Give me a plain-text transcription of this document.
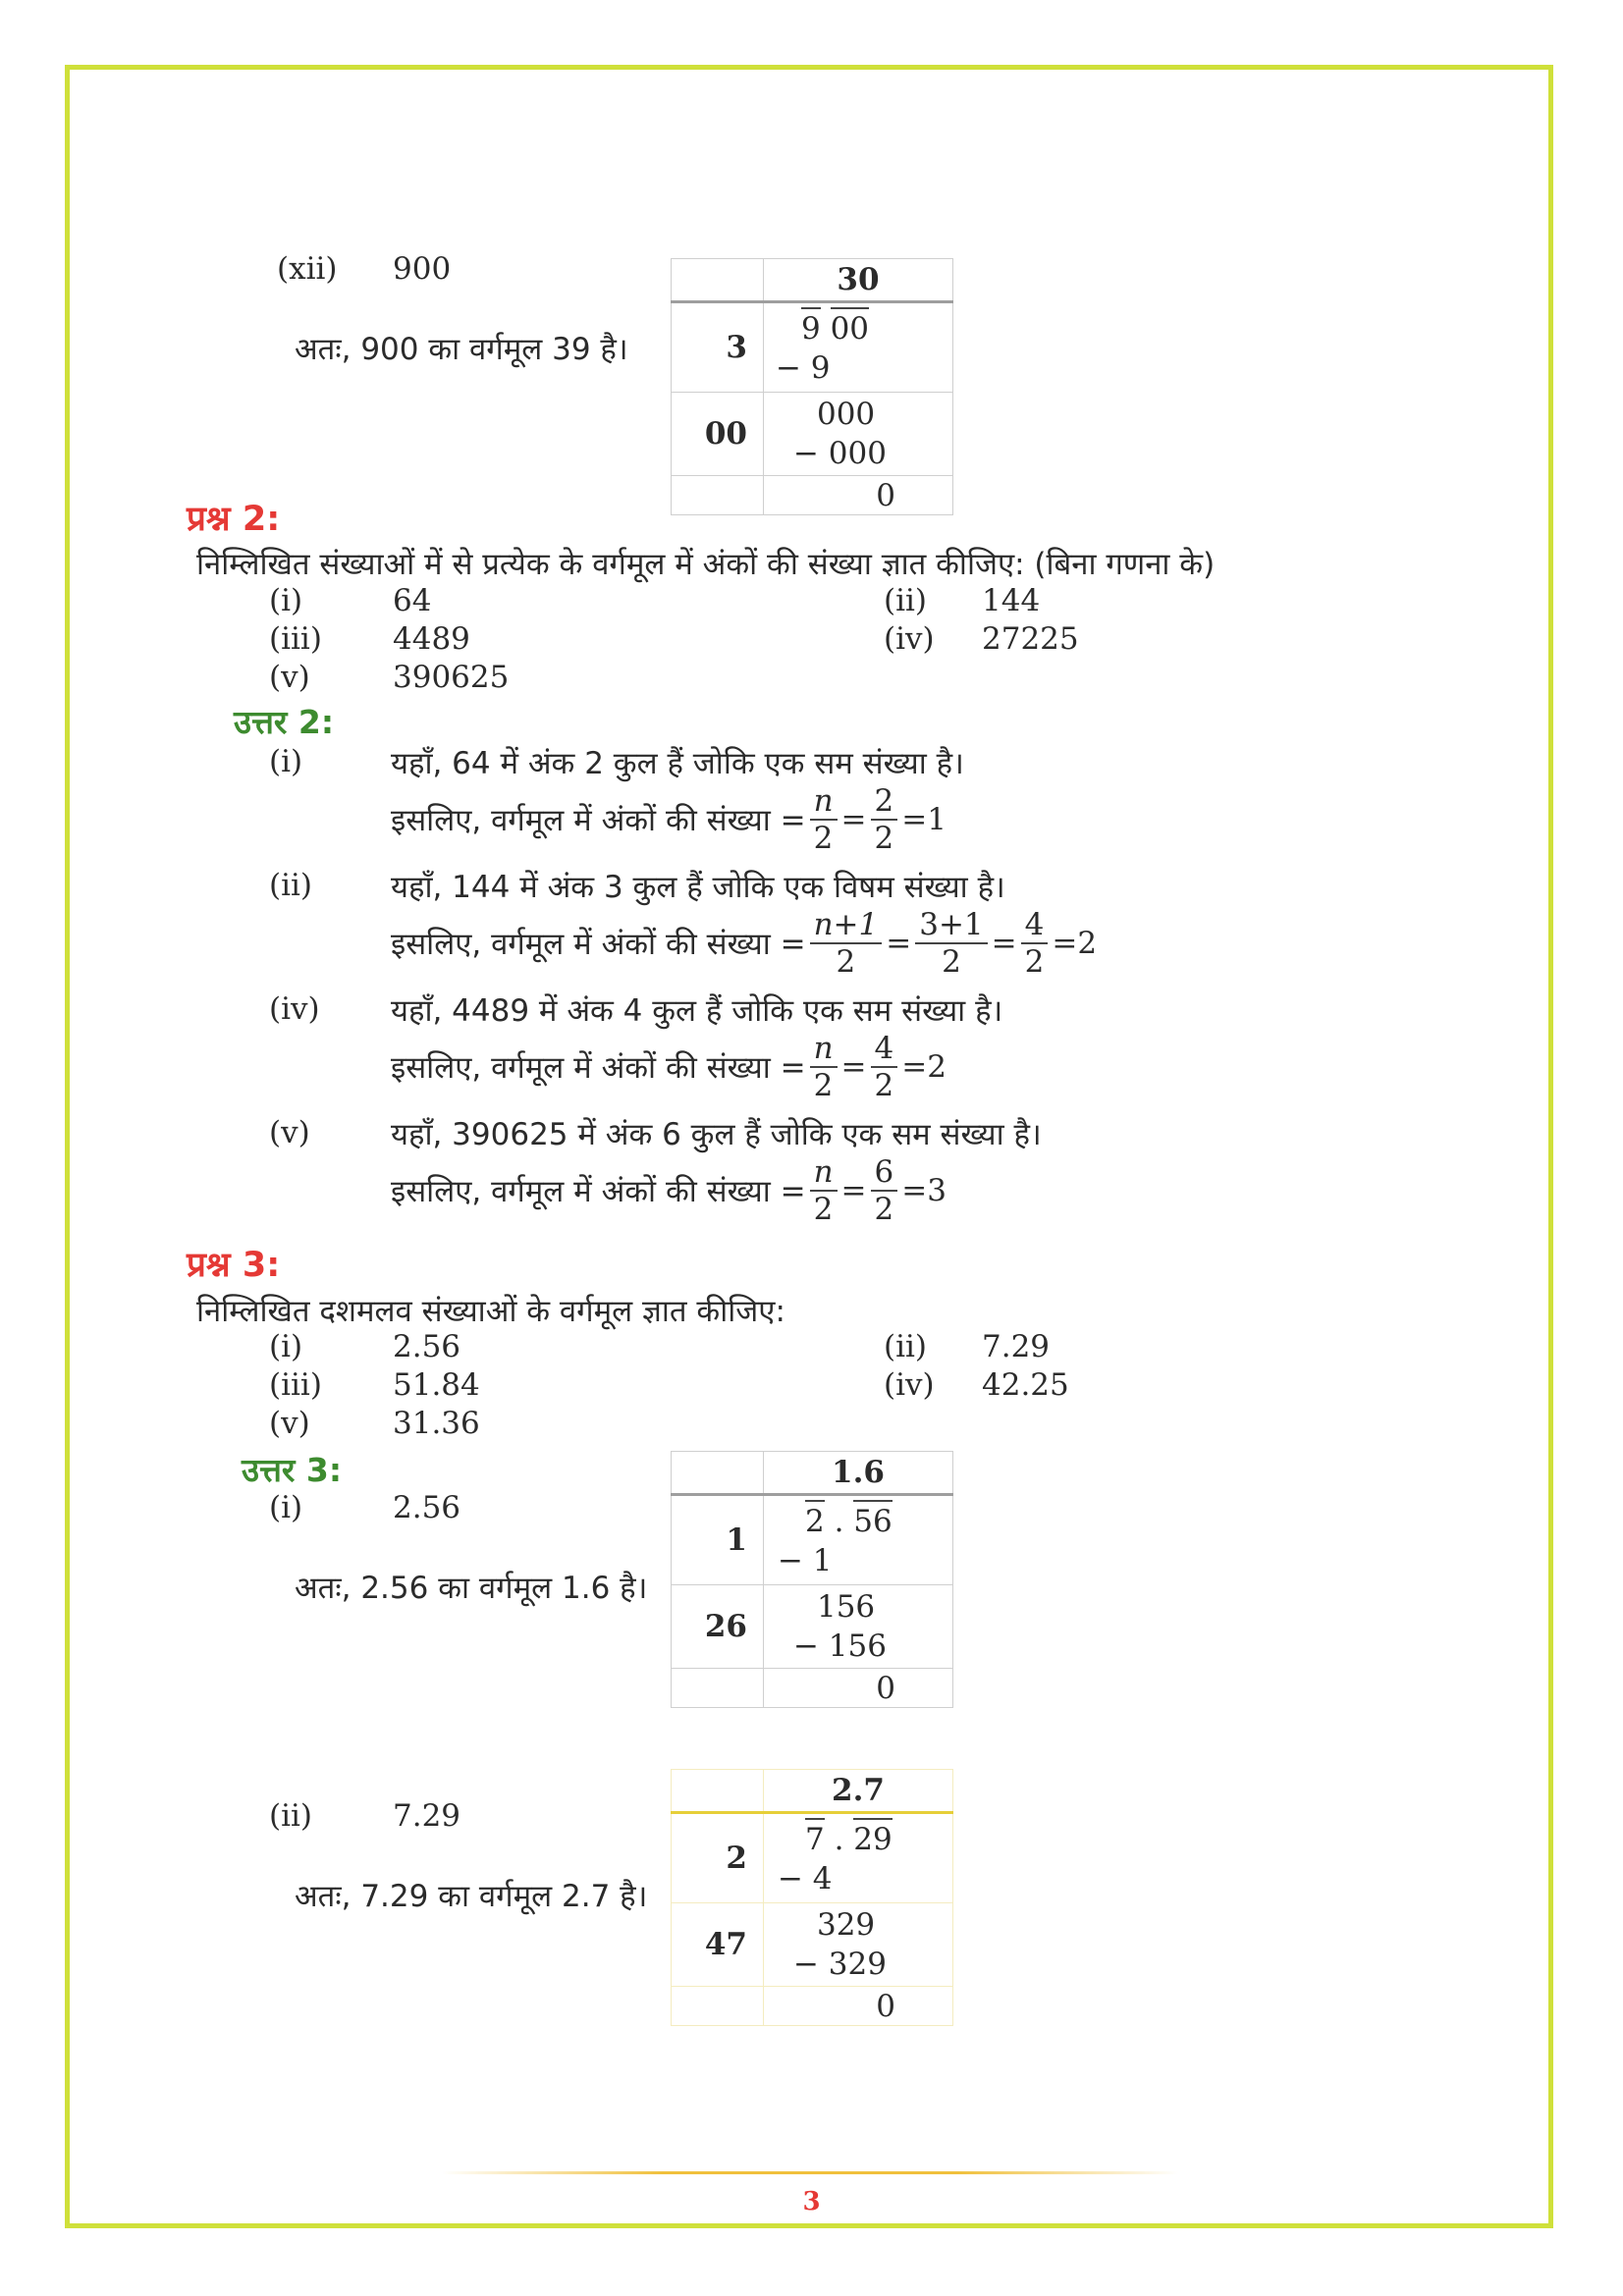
(xii) 900
अतः, 900 का वर्गमूल 39 है।
	30
3	9 00
− 9

00	000
− 000

	0
प्रश्न 2:
निम्लिखित संख्याओं में से प्रत्येक के वर्गमूल में अंकों की संख्या ज्ञात कीजिए: (बिना गणना के)
(i)	64	(ii) 144
(iii) 4489	(iv) 27225
(v)	390625
उत्तर 2:
(i)	यहाँ, 64 में अंक 2 कुल हैं जोकि एक सम संख्या है।
इसलिए, वर्गमूल में अंकों की संख्या = $\frac{n}{2} = \frac{2}{2} =1$
(ii)	यहाँ, 144 में अंक 3 कुल हैं जोकि एक विषम संख्या है।
इसलिए, वर्गमूल में अंकों की संख्या = $\frac{n+1}{2}$ =
3+1
2
= $\frac{4}{2} =2$
(iv) यहाँ, 4489 में अंक 4 कुल हैं जोकि एक सम संख्या है।
इसलिए, वर्गमूल में अंकों की संख्या = $\frac{n}{2} = \frac{4}{2} =2$
(v)	यहाँ, 390625 में अंक 6 कुल हैं जोकि एक सम संख्या है।
इसलिए, वर्गमूल में अंकों की संख्या = $\frac{n}{2} = \frac{6}{2} =3$
प्रश्न 3:
निम्लिखित दशमलव संख्याओं के वर्गमूल ज्ञात कीजिए:
(i)	2.56	(ii) 7.29
(iii) 51.84	(iv) 42.25
(v)	31.36
उत्तर 3:
(i)	2.56
अतः, 2.56 का वर्गमूल 1.6 है।
	1.6
1	2 . 56
− 1

26	156
− 156

	0
(ii)	7.29
अतः, 7.29 का वर्गमूल 2.7 है।
	2.7
2	7 . 29
− 4

47	329
− 329

	0
3
